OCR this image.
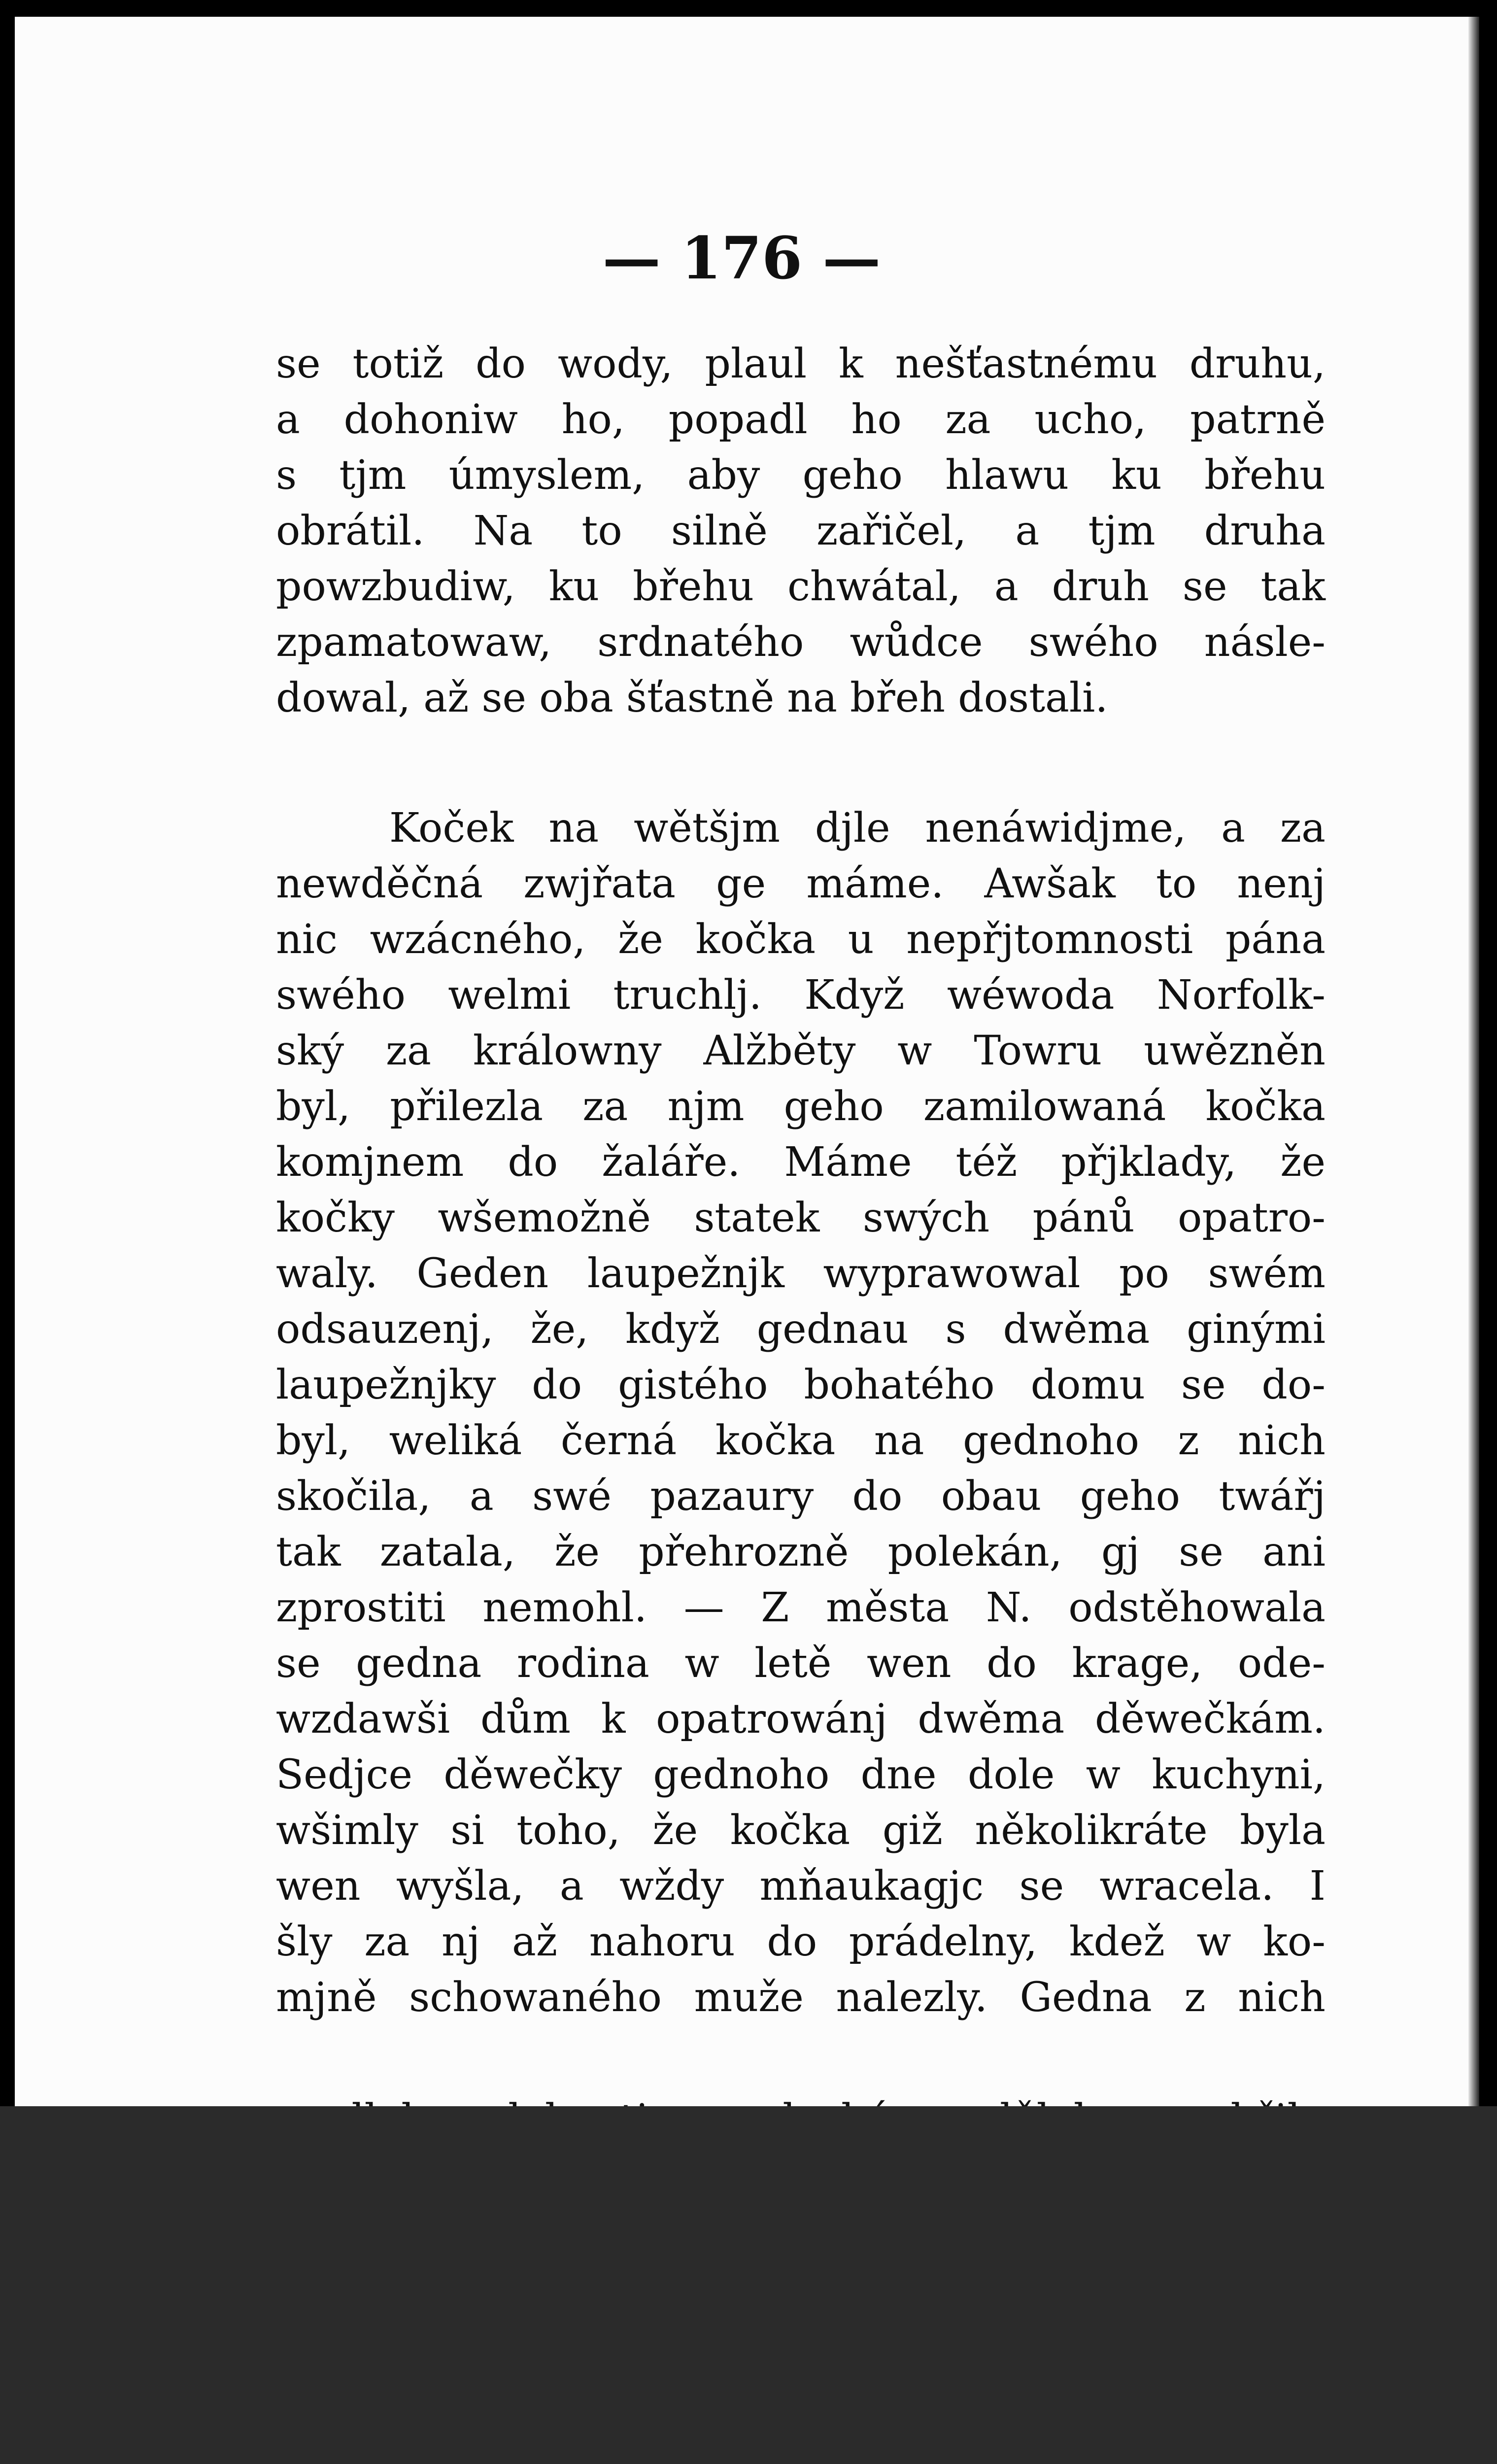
— 176 —
se totiž do wody, plaul k nešťastnému druhu,
a dohoniw ho, popadl ho za ucho, patrně
s tjm úmyslem, aby geho hlawu ku břehu
obrátil. Na to silně zařičel, a tjm druha
powzbudiw, ku břehu chwátal, a druh se tak
zpamatowaw, srdnatého wůdce swého násle-
dowal, až se oba šťastně na břeh dostali.
Koček na wětšjm djle nenáwidjme, a za
newděčná zwjřata ge máme. Awšak to nenj
nic wzácného, že kočka u nepřjtomnosti pána
swého welmi truchlj. Když wéwoda Norfolk-
ský za králowny Alžběty w Towru uwězněn
byl, přilezla za njm geho zamilowaná kočka
komjnem do žaláře. Máme též přjklady, že
kočky wšemožně statek swých pánů opatro-
waly. Geden laupežnjk wyprawowal po swém
odsauzenj, že, když gednau s dwěma ginými
laupežnjky do gistého bohatého domu se do-
byl, weliká černá kočka na gednoho z nich
skočila, a swé pazaury do obau geho twářj
tak zatala, že přehrozně polekán, gj se ani
zprostiti nemohl. — Z města N. odstěhowala
se gedna rodina w letě wen do krage, ode-
wzdawši dům k opatrowánj dwěma děwečkám.
Sedjce děwečky gednoho dne dole w kuchyni,
wšimly si toho, že kočka giž několikráte byla
wen wyšla, a wždy mňaukagjc se wracela. I
šly za nj až nahoru do prádelny, kdež w ko-
mjně schowaného muže nalezly. Gedna z nich
